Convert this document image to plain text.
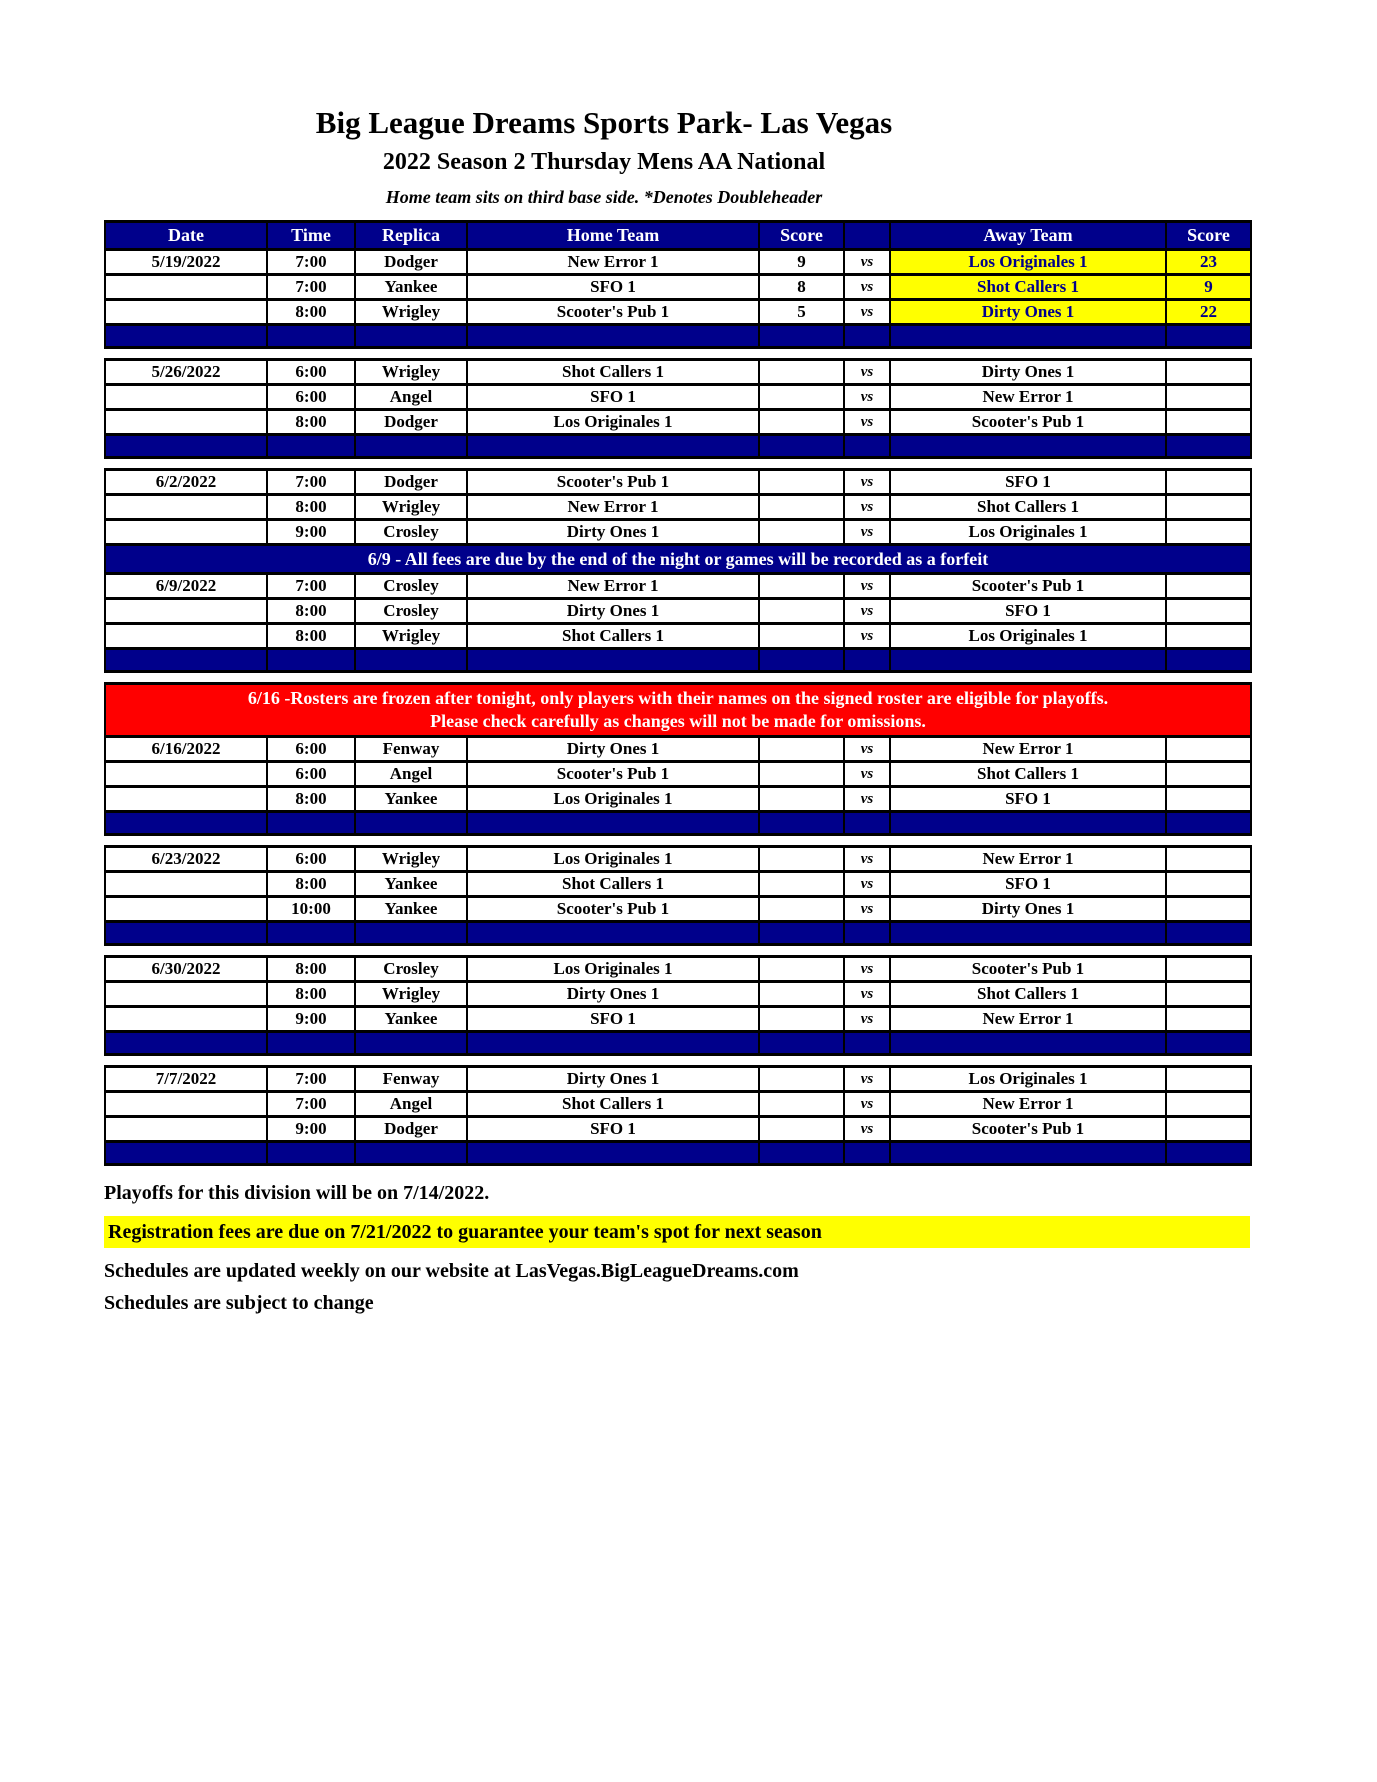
Big League Dreams Sports Park- Las Vegas
2022 Season 2 Thursday Mens AA National
Home team sits on third base side. *Denotes Doubleheader
Date	Time	Replica	Home Team	Score		Away Team	Score
5/19/2022	7:00	Dodger	New Error 1	9	vs	Los Originales 1	23
	7:00	Yankee	SFO 1	8	vs	Shot Callers 1	9
	8:00	Wrigley	Scooter's Pub 1	5	vs	Dirty Ones 1	22

5/26/2022	6:00	Wrigley	Shot Callers 1		vs	Dirty Ones 1	
	6:00	Angel	SFO 1		vs	New Error 1	
	8:00	Dodger	Los Originales 1		vs	Scooter's Pub 1	

6/2/2022	7:00	Dodger	Scooter's Pub 1		vs	SFO 1	
	8:00	Wrigley	New Error 1		vs	Shot Callers 1	
	9:00	Crosley	Dirty Ones 1		vs	Los Originales 1	
6/9 - All fees are due by the end of the night or games will be recorded as a forfeit							
6/9/2022	7:00	Crosley	New Error 1		vs	Scooter's Pub 1	
	8:00	Crosley	Dirty Ones 1		vs	SFO 1	
	8:00	Wrigley	Shot Callers 1		vs	Los Originales 1	

6/16 -Rosters are frozen after tonight, only players with their names on the signed roster are eligible for playoffs.
Please check carefully as changes will not be made for omissions.							

6/16/2022	6:00	Fenway	Dirty Ones 1		vs	New Error 1	
	6:00	Angel	Scooter's Pub 1		vs	Shot Callers 1	
	8:00	Yankee	Los Originales 1		vs	SFO 1	

6/23/2022	6:00	Wrigley	Los Originales 1		vs	New Error 1	
	8:00	Yankee	Shot Callers 1		vs	SFO 1	
	10:00	Yankee	Scooter's Pub 1		vs	Dirty Ones 1	

6/30/2022	8:00	Crosley	Los Originales 1		vs	Scooter's Pub 1	
	8:00	Wrigley	Dirty Ones 1		vs	Shot Callers 1	
	9:00	Yankee	SFO 1		vs	New Error 1	

7/7/2022	7:00	Fenway	Dirty Ones 1		vs	Los Originales 1	
	7:00	Angel	Shot Callers 1		vs	New Error 1	
	9:00	Dodger	SFO 1		vs	Scooter's Pub 1	

Playoffs for this division will be on 7/14/2022.
Registration fees are due on 7/21/2022 to guarantee your team's spot for next season
Schedules are updated weekly on our website at LasVegas.BigLeagueDreams.com
Schedules are subject to change
